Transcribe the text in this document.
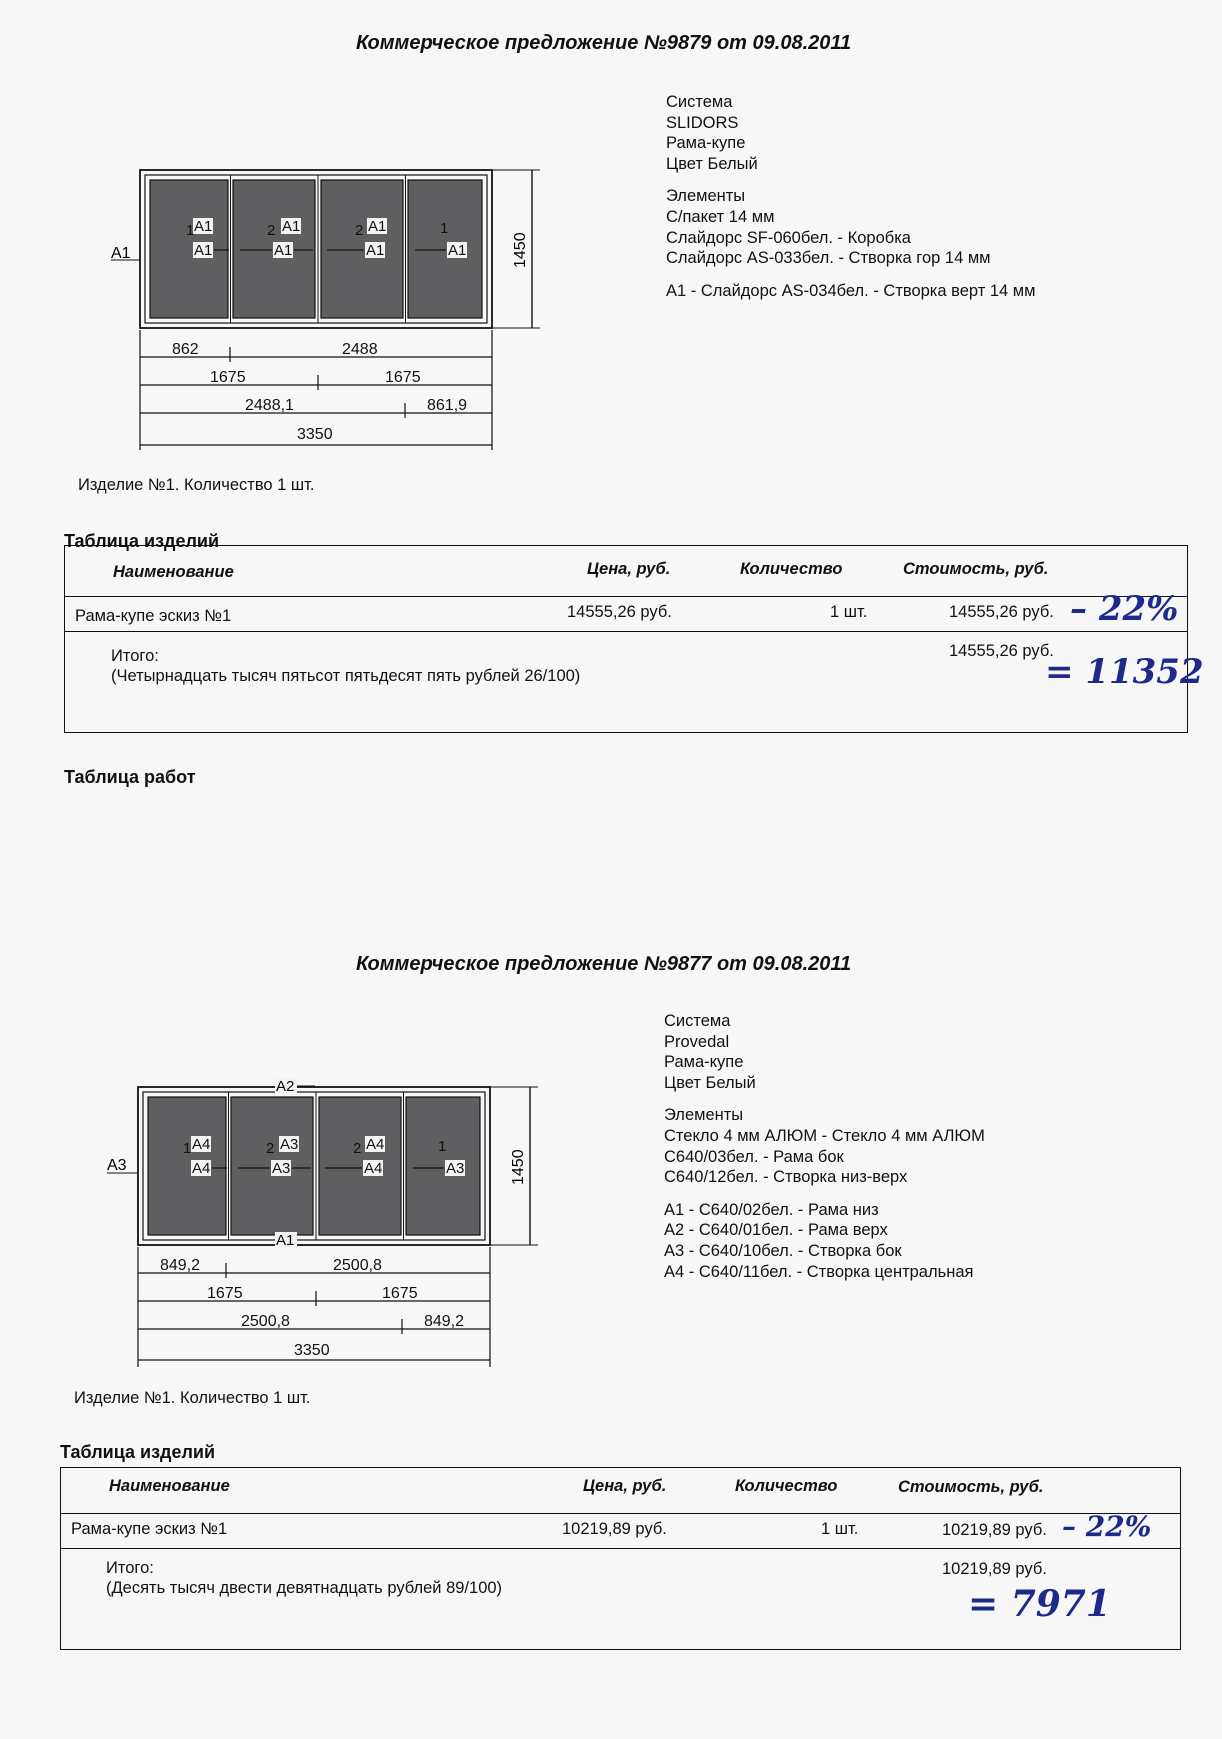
Коммерческое предложение №9879 от 09.08.2011
Система
SLIDORS
Рама-купе
Цвет Белый
Элементы
С/пакет 14 мм
Слайдорс SF-060бел. - Коробка
Слайдорс AS-033бел. - Створка гор 14 мм
A1 - Слайдорс AS-034бел. - Створка верт 14 мм
A1
1
A1
A1
2
A1
A1
2
A1
1
A1
A1	1450
862	2488
1675	1675
2488,1	861,9
3350
Изделие №1. Количество 1 шт.
Таблица изделий
Наименование	Цена, руб.	Количество	Стоимость, руб.
Рама-купе эскиз №1	14555,26 руб.	1 шт.	14555,26 руб.
Итого:
(Четырнадцать тысяч пятьсот пятьдесят пять рублей 26/100)
14555,26 руб.
– 22%
= 11352
Таблица работ
Коммерческое предложение №9877 от 09.08.2011
Система
Provedal
Рама-купе
Цвет Белый
Элементы
Стекло 4 мм АЛЮМ - Стекло 4 мм АЛЮМ
C640/03бел. - Рама бок
C640/12бел. - Створка низ-верх
A1 - C640/02бел. - Рама низ
A2 - C640/01бел. - Рама верх
A3 - C640/10бел. - Створка бок
A4 - C640/11бел. - Створка центральная
A2
A1
A4
1
A4
A3
2
A3
A4
2
A4
1
A3
A3	1450
849,2	2500,8
1675	1675
2500,8	849,2
3350
Изделие №1. Количество 1 шт.
Таблица изделий
Наименование	Цена, руб.	Количество	Стоимость, руб.
Рама-купе эскиз №1	10219,89 руб.	1 шт.	10219,89 руб.
Итого:
(Десять тысяч двести девятнадцать рублей 89/100)
10219,89 руб.
– 22%
= 7971
